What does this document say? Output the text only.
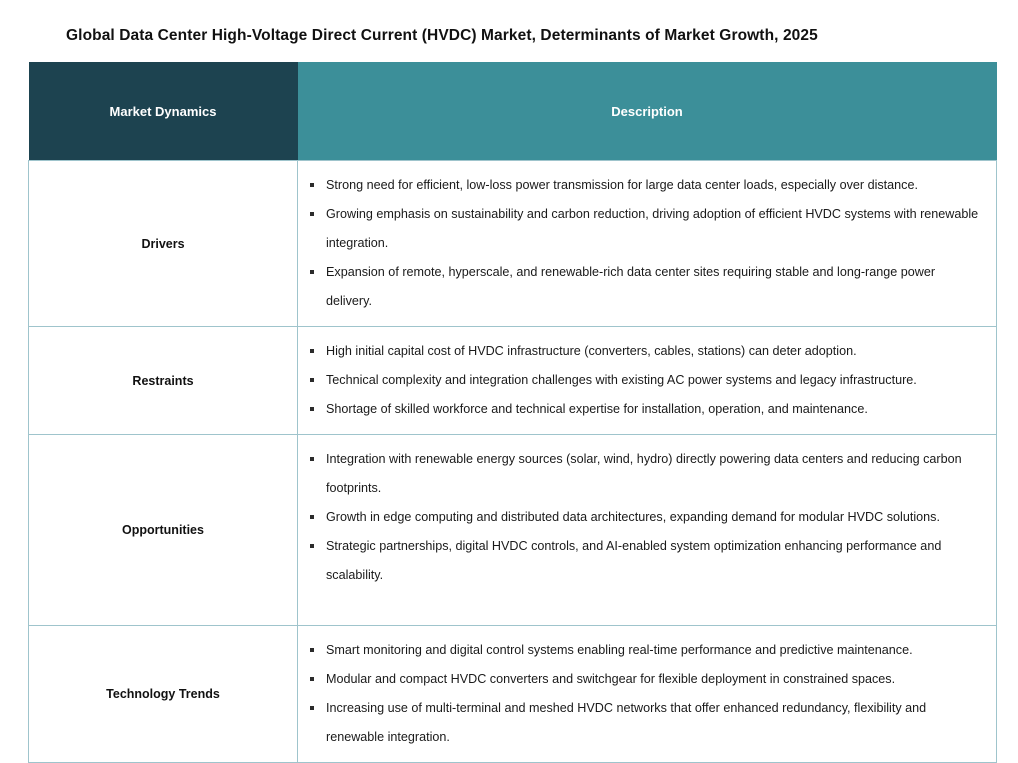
Global Data Center High-Voltage Direct Current (HVDC) Market, Determinants of Market Growth, 2025
Market Dynamics	Description
Drivers	
Strong need for efficient, low-loss power transmission for large data center loads, especially over distance.
Growing emphasis on sustainability and carbon reduction, driving adoption of efficient HVDC systems with renewable integration.
Expansion of remote, hyperscale, and renewable-rich data center sites requiring stable and long-range power delivery.

Restraints	
High initial capital cost of HVDC infrastructure (converters, cables, stations) can deter adoption.
Technical complexity and integration challenges with existing AC power systems and legacy infrastructure.
Shortage of skilled workforce and technical expertise for installation, operation, and maintenance.

Opportunities	
Integration with renewable energy sources (solar, wind, hydro) directly powering data centers and reducing carbon footprints.
Growth in edge computing and distributed data architectures, expanding demand for modular HVDC solutions.
Strategic partnerships, digital HVDC controls, and AI-enabled system optimization enhancing performance and scalability.

Technology Trends	
Smart monitoring and digital control systems enabling real-time performance and predictive maintenance.
Modular and compact HVDC converters and switchgear for flexible deployment in constrained spaces.
Increasing use of multi-terminal and meshed HVDC networks that offer enhanced redundancy, flexibility and renewable integration.
